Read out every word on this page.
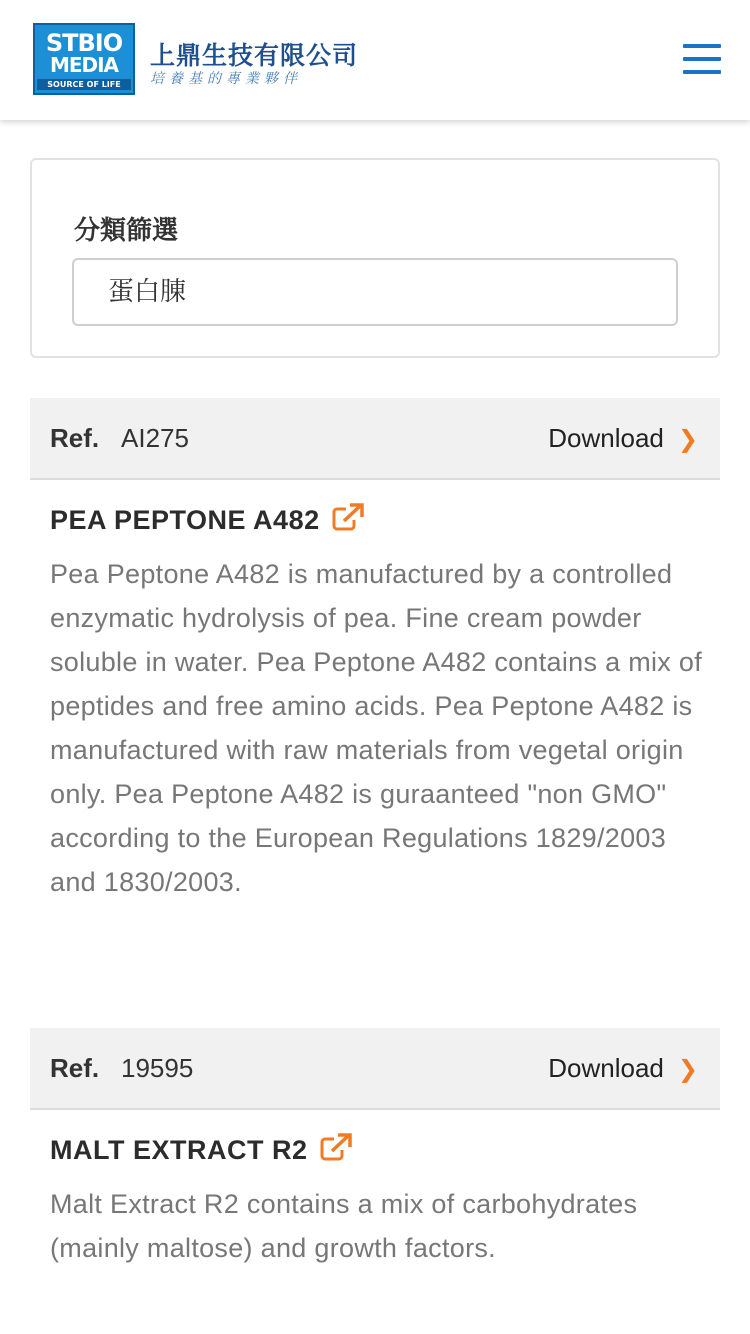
STBIO
MEDIA
SOURCE OF LIFE
上鼎生技有限公司
培養基的專業夥伴
分類篩選
蛋白腖
Ref. AI275	Download ❯
PEA PEPTONE A482
Pea Peptone A482 is manufactured by a controlled enzymatic hydrolysis of pea. Fine cream powder soluble in water. Pea Peptone A482 contains a mix of peptides and free amino acids. Pea Peptone A482 is manufactured with raw materials from vegetal origin only. Pea Peptone A482 is guraanteed "non GMO" according to the European Regulations 1829/2003 and 1830/2003.
Ref. 19595	Download ❯
MALT EXTRACT R2
Malt Extract R2 contains a mix of carbohydrates (mainly maltose) and growth factors.
